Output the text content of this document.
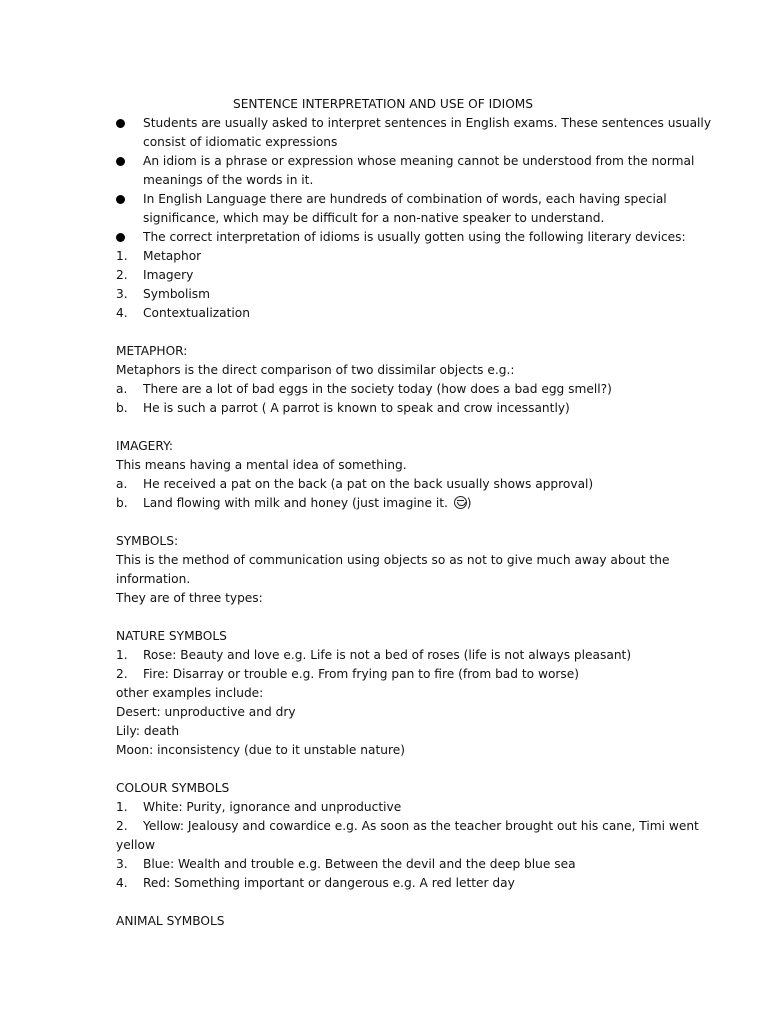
SENTENCE INTERPRETATION AND USE OF IDIOMS
Students are usually asked to interpret sentences in English exams. These sentences usually
consist of idiomatic expressions
An idiom is a phrase or expression whose meaning cannot be understood from the normal
meanings of the words in it.
In English Language there are hundreds of combination of words, each having special
significance, which may be difficult for a non-native speaker to understand.
The correct interpretation of idioms is usually gotten using the following literary devices:
1. Metaphor
2. Imagery
3. Symbolism
4. Contextualization
METAPHOR:
Metaphors is the direct comparison of two dissimilar objects e.g.:
a. There are a lot of bad eggs in the society today (how does a bad egg smell?)
b. He is such a parrot ( A parrot is known to speak and crow incessantly)
IMAGERY:
This means having a mental idea of something.
a. He received a pat on the back (a pat on the back usually shows approval)
b. Land flowing with milk and honey (just imagine it. )
SYMBOLS:
This is the method of communication using objects so as not to give much away about the
information.
They are of three types:
NATURE SYMBOLS
1. Rose: Beauty and love e.g. Life is not a bed of roses (life is not always pleasant)
2. Fire: Disarray or trouble e.g. From frying pan to fire (from bad to worse)
other examples include:
Desert: unproductive and dry
Lily: death
Moon: inconsistency (due to it unstable nature)
COLOUR SYMBOLS
1. White: Purity, ignorance and unproductive
2. Yellow: Jealousy and cowardice e.g. As soon as the teacher brought out his cane, Timi went
yellow
3. Blue: Wealth and trouble e.g. Between the devil and the deep blue sea
4. Red: Something important or dangerous e.g. A red letter day
ANIMAL SYMBOLS
